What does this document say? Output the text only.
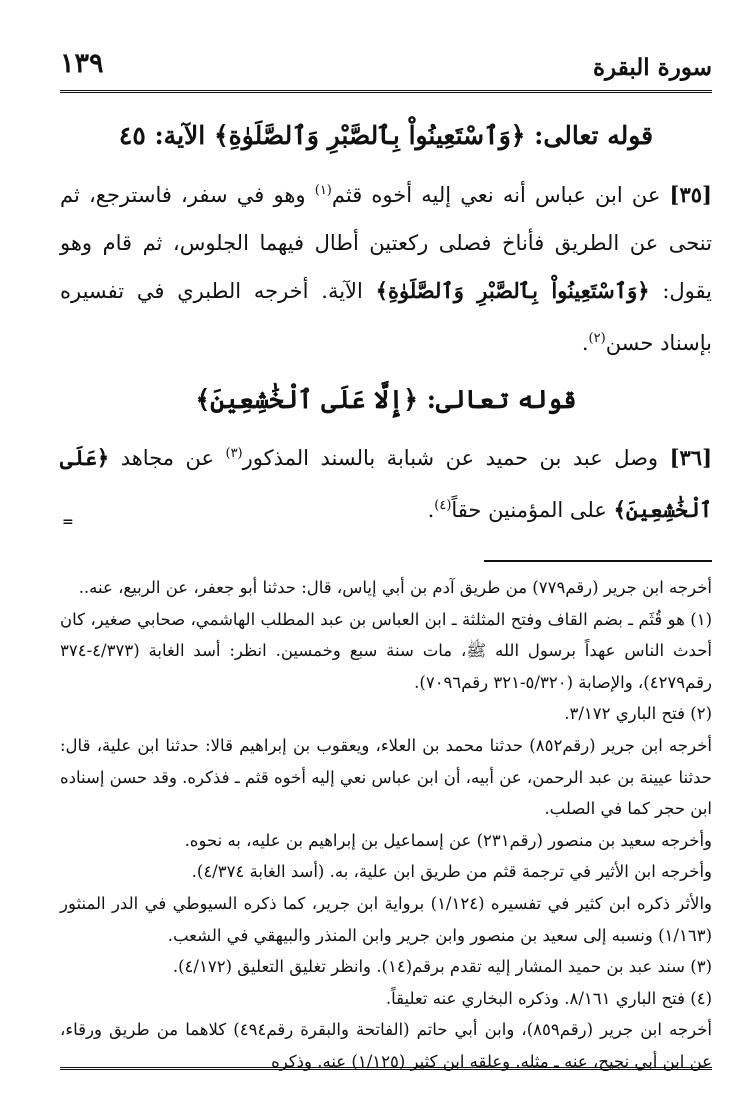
١٣٩	سورة البقرة
قوله تعالى: ﴿وَٱسْتَعِينُواْ بِٱلصَّبْرِ وَٱلصَّلَوٰةِ﴾ الآية: ٤٥
[٣٥] عن ابن عباس أنه نعي إليه أخوه قثم$^{(١)}$ وهو في سفر، فاسترجع، ثم تنحى عن الطريق فأناخ فصلى ركعتين أطال فيهما الجلوس، ثم قام وهو يقول: ﴿وَٱسْتَعِينُواْ بِٱلصَّبْرِ وَٱلصَّلَوٰةِ﴾ الآية. أخرجه الطبري في تفسيره بإسناد حسن$^{(٢)}$.
قوله تعالى: ﴿إِلَّا عَلَى ٱلْخَٰشِعِينَ﴾
[٣٦] وصل عبد بن حميد عن شبابة بالسند المذكور$^{(٣)}$ عن مجاهد ﴿عَلَى ٱلْخَٰشِعِينَ﴾ على المؤمنين حقاً$^{(٤)}$.
=

أخرجه ابن جرير (رقم٧٧٩) من طريق آدم بن أبي إياس، قال: حدثنا أبو جعفر، عن الربيع، عنه..

(١) هو قُثَم ـ بضم القاف وفتح المثلثة ـ ابن العباس بن عبد المطلب الهاشمي، صحابي صغير، كان أحدث الناس عهداً برسول الله ﷺ، مات سنة سبع وخمسين. انظر: أسد الغابة (٤/٣٧٣-٣٧٤ رقم٤٢٧٩)، والإصابة (٥/٣٢٠-٣٢١ رقم٧٠٩٦).

(٢) فتح الباري ٣/١٧٢.

أخرجه ابن جرير (رقم٨٥٢) حدثنا محمد بن العلاء، ويعقوب بن إبراهيم قالا: حدثنا ابن علية، قال: حدثنا عيينة بن عبد الرحمن، عن أبيه، أن ابن عباس نعي إليه أخوه قثم ـ فذكره. وقد حسن إسناده ابن حجر كما في الصلب.

وأخرجه سعيد بن منصور (رقم٢٣١) عن إسماعيل بن إبراهيم بن عليه، به نحوه.

وأخرجه ابن الأثير في ترجمة قثم من طريق ابن علية، به. (أسد الغابة ٤/٣٧٤).

والأثر ذكره ابن كثير في تفسيره (١/١٢٤) برواية ابن جرير، كما ذكره السيوطي في الدر المنثور (١/١٦٣) ونسبه إلى سعيد بن منصور وابن جرير وابن المنذر والبيهقي في الشعب.

(٣) سند عبد بن حميد المشار إليه تقدم برقم(١٤). وانظر تغليق التعليق (٤/١٧٢).

(٤) فتح الباري ٨/١٦١. وذكره البخاري عنه تعليقاً.

أخرجه ابن جرير (رقم٨٥٩)، وابن أبي حاتم (الفاتحة والبقرة رقم٤٩٤) كلاهما من طريق ورقاء، عن ابن أبي نجيح، عنه ـ مثله. وعلقه ابن كثير (١/١٢٥) عنه. وذكره
